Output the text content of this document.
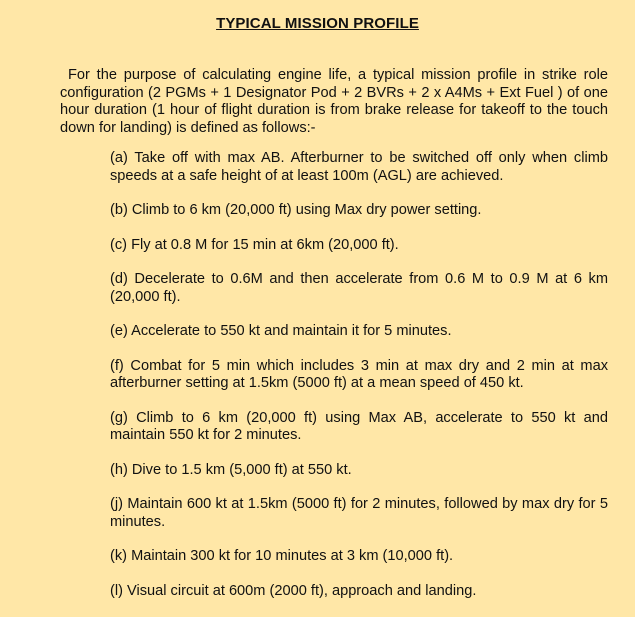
TYPICAL MISSION PROFILE
For the purpose of calculating engine life, a typical mission profile in strike role configuration (2 PGMs + 1 Designator Pod + 2 BVRs + 2 x A4Ms + Ext Fuel ) of one hour duration (1 hour of flight duration is from brake release for takeoff to the touch down for landing) is defined as follows:-
(a) Take off with max AB. Afterburner to be switched off only when climb speeds at a safe height of at least 100m (AGL) are achieved.
(b) Climb to 6 km (20,000 ft) using Max dry power setting.
(c) Fly at 0.8 M for 15 min at 6km (20,000 ft).
(d) Decelerate to 0.6M and then accelerate from 0.6 M to 0.9 M at 6 km (20,000 ft).
(e) Accelerate to 550 kt and maintain it for 5 minutes.
(f) Combat for 5 min which includes 3 min at max dry and 2 min at max afterburner setting at 1.5km (5000 ft) at a mean speed of 450 kt.
(g) Climb to 6 km (20,000 ft) using Max AB, accelerate to 550 kt and maintain 550 kt for 2 minutes.
(h) Dive to 1.5 km (5,000 ft) at 550 kt.
(j) Maintain 600 kt at 1.5km (5000 ft) for 2 minutes, followed by max dry for 5 minutes.
(k) Maintain 300 kt for 10 minutes at 3 km (10,000 ft).
(l) Visual circuit at 600m (2000 ft), approach and landing.
